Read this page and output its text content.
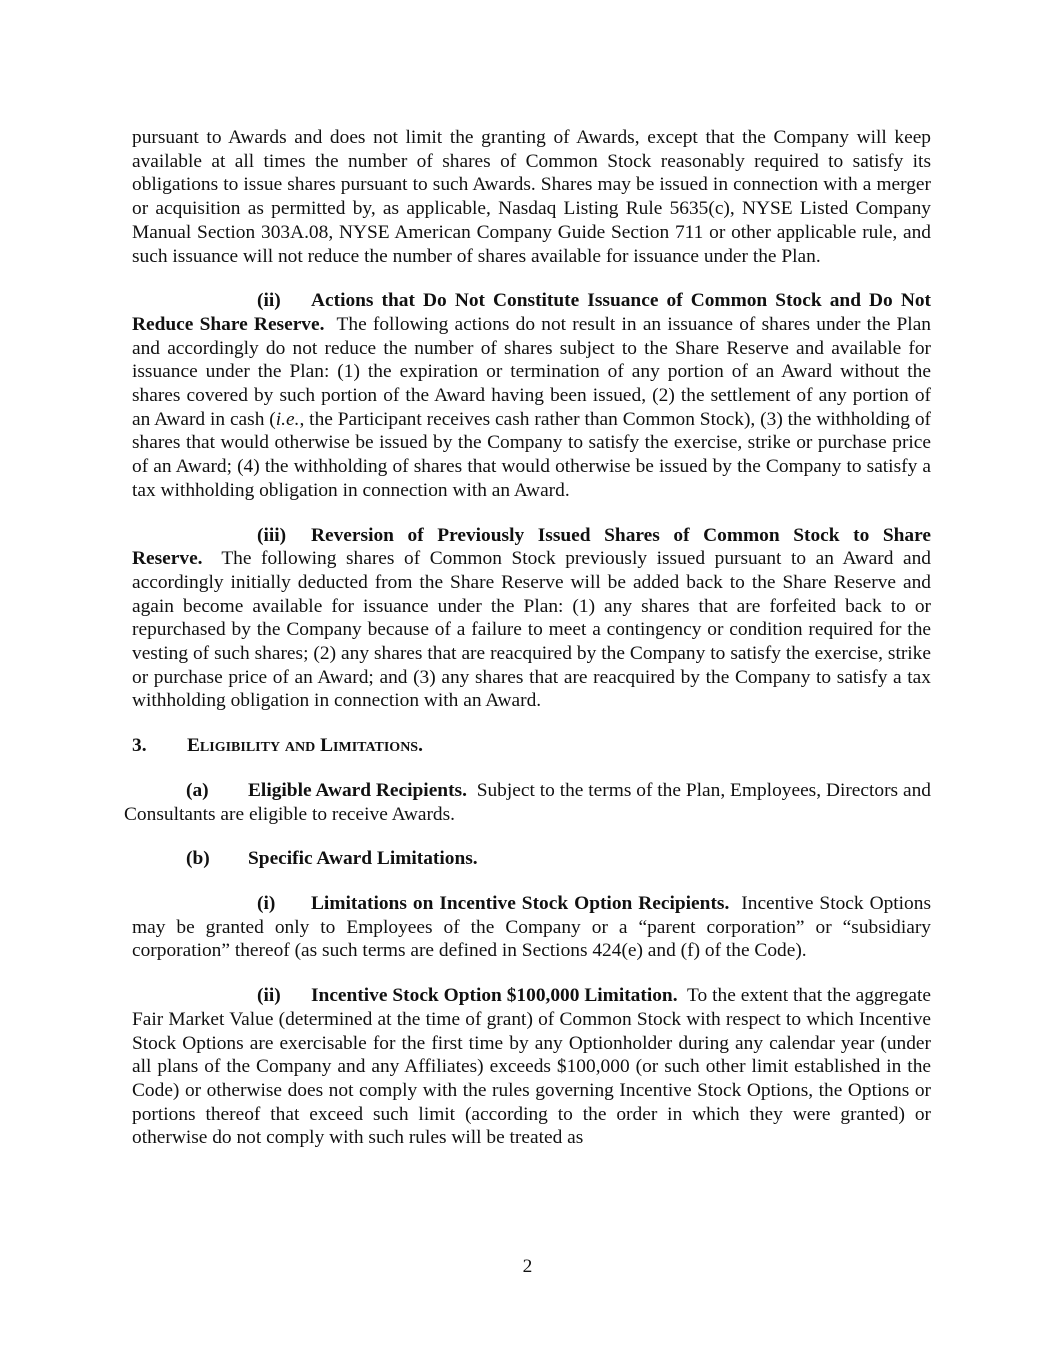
pursuant to Awards and does not limit the granting of Awards, except that the Company will keep available at all times the number of shares of Common Stock reasonably required to satisfy its obligations to issue shares pursuant to such Awards. Shares may be issued in connection with a merger or acquisition as permitted by, as applicable, Nasdaq Listing Rule 5635(c), NYSE Listed Company Manual Section 303A.08, NYSE American Company Guide Section 711 or other applicable rule, and such issuance will not reduce the number of shares available for issuance under the Plan.

(ii) Actions that Do Not Constitute Issuance of Common Stock and Do Not Reduce Share Reserve. The following actions do not result in an issuance of shares under the Plan and accordingly do not reduce the number of shares subject to the Share Reserve and available for issuance under the Plan: (1) the expiration or termination of any portion of an Award without the shares covered by such portion of the Award having been issued, (2) the settlement of any portion of an Award in cash (i.e., the Participant receives cash rather than Common Stock), (3) the withholding of shares that would otherwise be issued by the Company to satisfy the exercise, strike or purchase price of an Award; (4) the withholding of shares that would otherwise be issued by the Company to satisfy a tax withholding obligation in connection with an Award.

(iii) Reversion of Previously Issued Shares of Common Stock to Share Reserve. The following shares of Common Stock previously issued pursuant to an Award and accordingly initially deducted from the Share Reserve will be added back to the Share Reserve and again become available for issuance under the Plan: (1) any shares that are forfeited back to or repurchased by the Company because of a failure to meet a contingency or condition required for the vesting of such shares; (2) any shares that are reacquired by the Company to satisfy the exercise, strike or purchase price of an Award; and (3) any shares that are reacquired by the Company to satisfy a tax withholding obligation in connection with an Award.

3. Eligibility and Limitations.

(a) Eligible Award Recipients. Subject to the terms of the Plan, Employees, Directors and Consultants are eligible to receive Awards.

(b) Specific Award Limitations.

(i) Limitations on Incentive Stock Option Recipients. Incentive Stock Options may be granted only to Employees of the Company or a “parent corporation” or “subsidiary corporation” thereof (as such terms are defined in Sections 424(e) and (f) of the Code).

(ii) Incentive Stock Option $100,000 Limitation. To the extent that the aggregate Fair Market Value (determined at the time of grant) of Common Stock with respect to which Incentive Stock Options are exercisable for the first time by any Optionholder during any calendar year (under all plans of the Company and any Affiliates) exceeds $100,000 (or such other limit established in the Code) or otherwise does not comply with the rules governing Incentive Stock Options, the Options or portions thereof that exceed such limit (according to the order in which they were granted) or otherwise do not comply with such rules will be treated as

2
